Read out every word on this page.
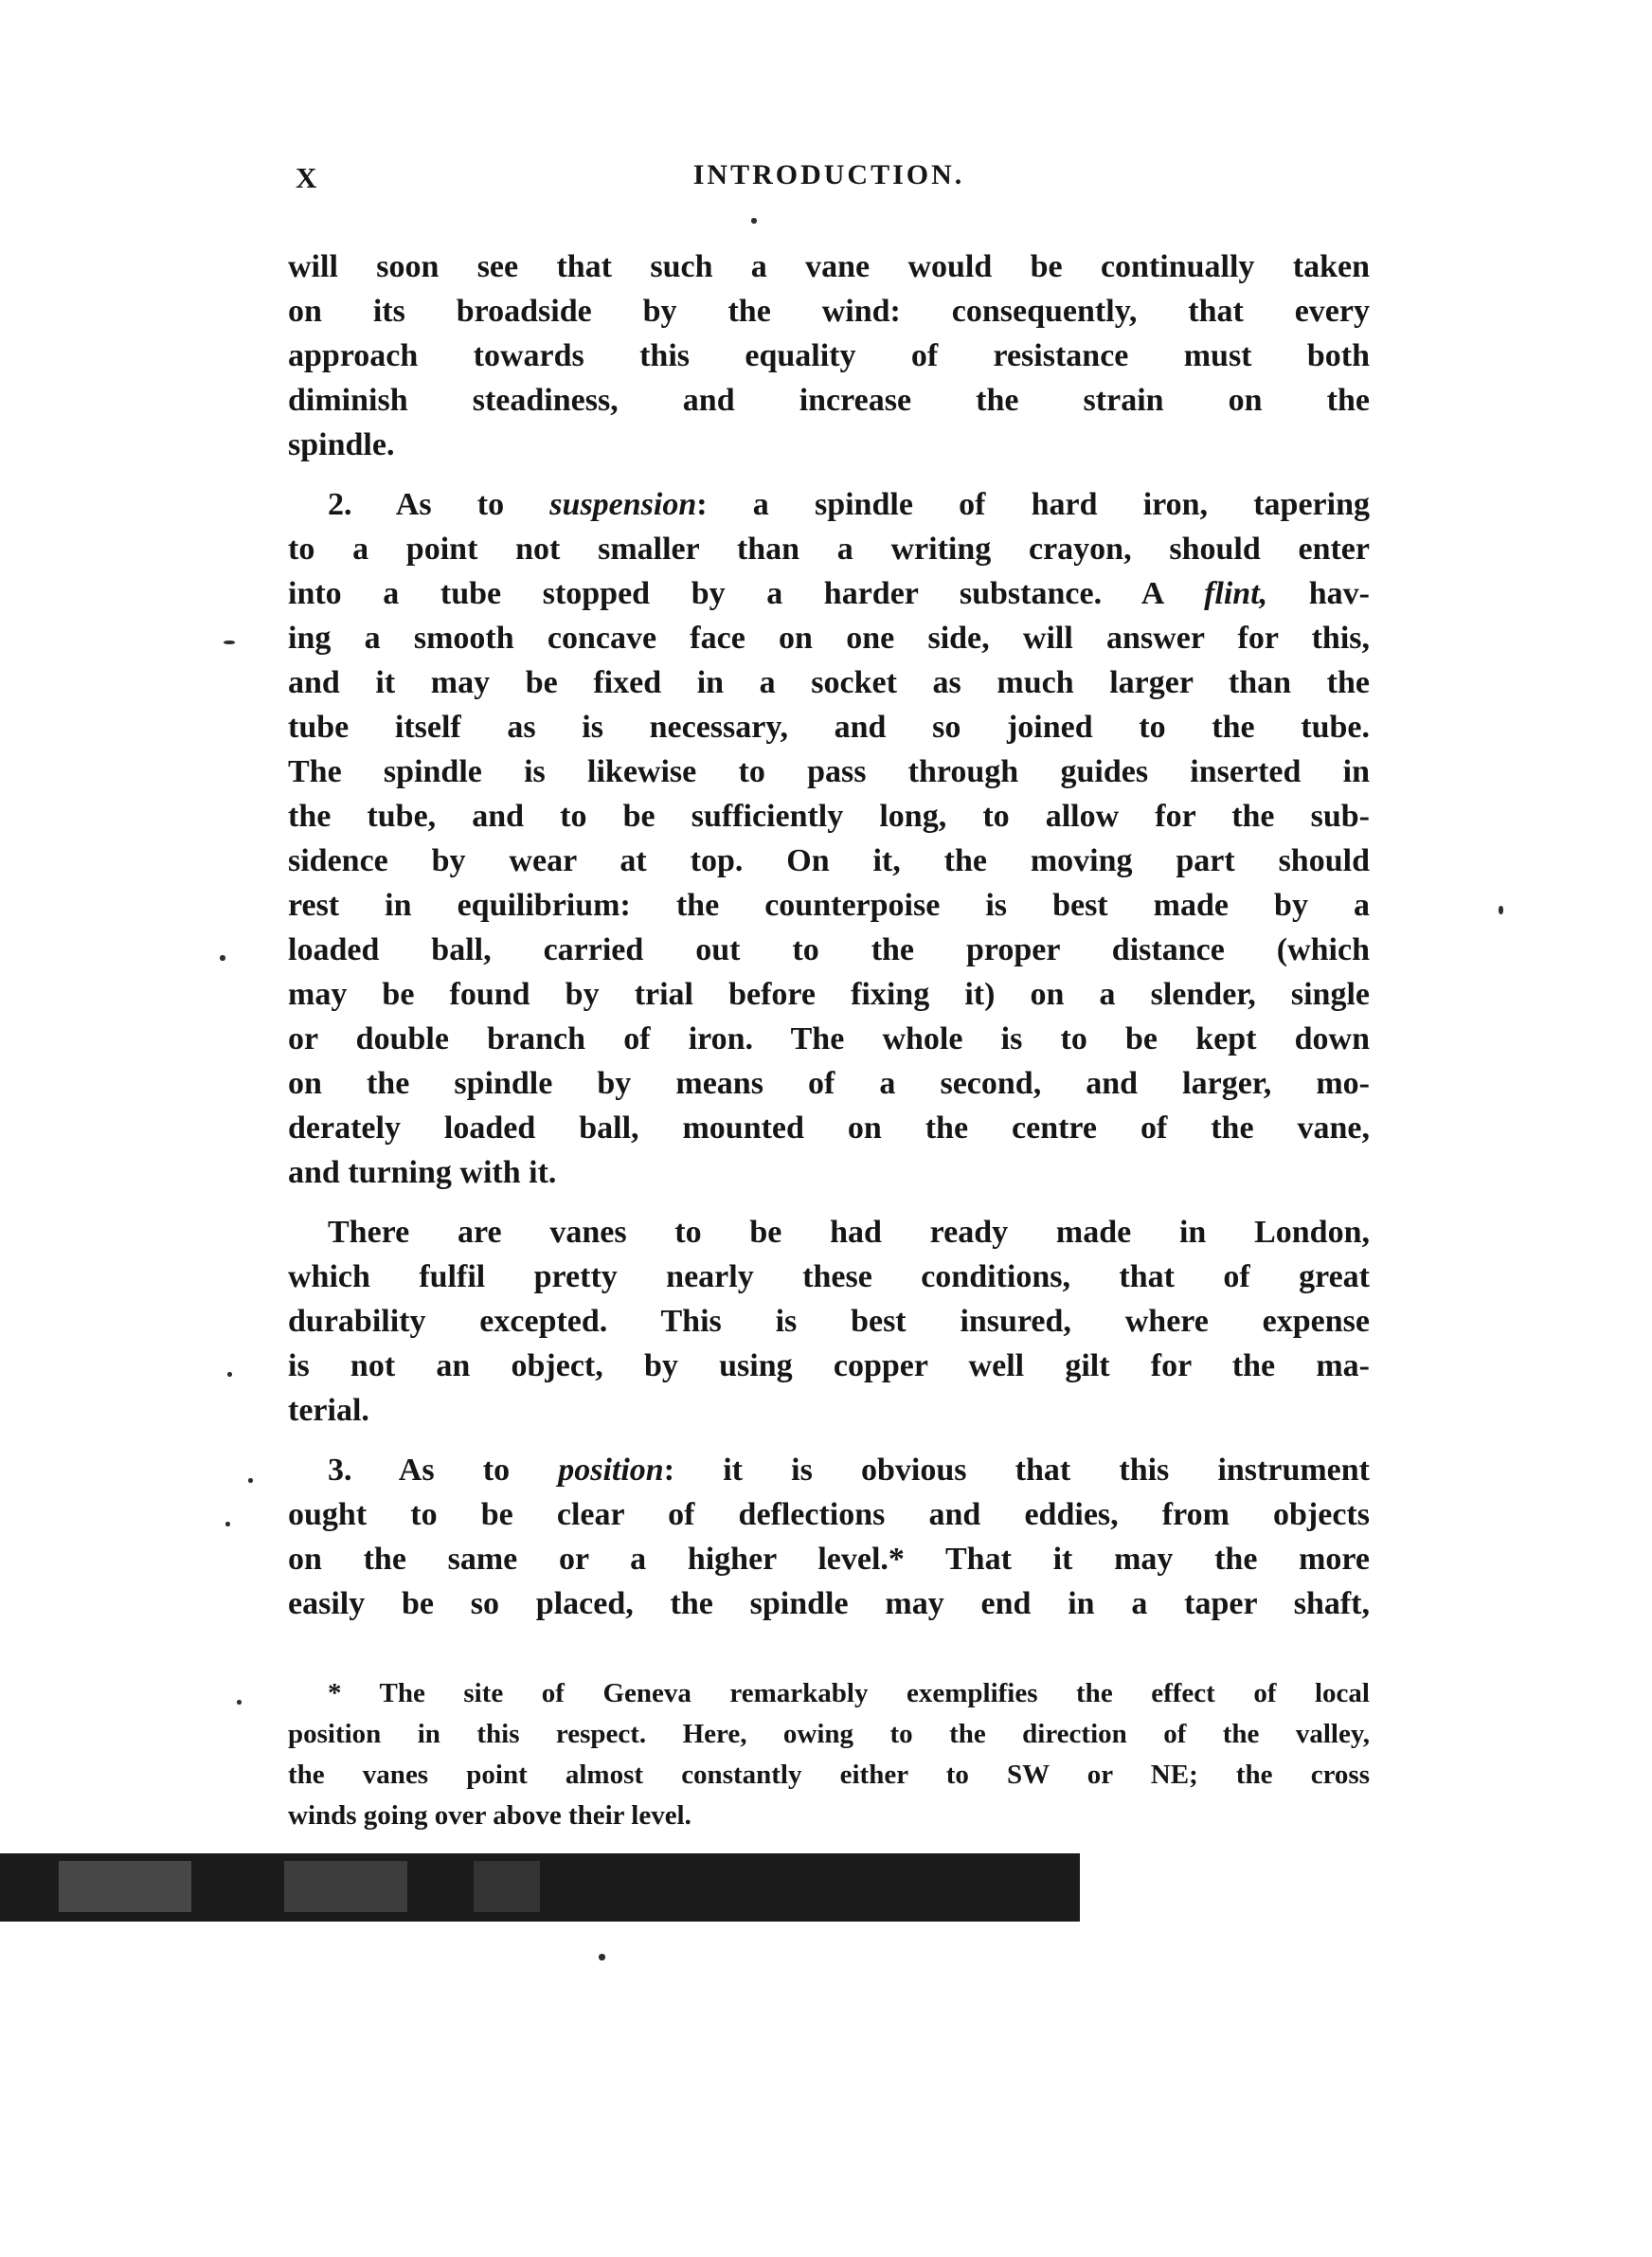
X	INTRODUCTION.
will soon see that such a vane would be continually taken
on its broadside by the wind: consequently, that every
approach towards this equality of resistance must both
diminish steadiness, and increase the strain on the
spindle.
2. As to suspension: a spindle of hard iron, tapering
to a point not smaller than a writing crayon, should enter
into a tube stopped by a harder substance. A flint, hav-
ing a smooth concave face on one side, will answer for this,
and it may be fixed in a socket as much larger than the
tube itself as is necessary, and so joined to the tube.
The spindle is likewise to pass through guides inserted in
the tube, and to be sufficiently long, to allow for the sub-
sidence by wear at top. On it, the moving part should
rest in equilibrium: the counterpoise is best made by a
loaded ball, carried out to the proper distance (which
may be found by trial before fixing it) on a slender, single
or double branch of iron. The whole is to be kept down
on the spindle by means of a second, and larger, mo-
derately loaded ball, mounted on the centre of the vane,
and turning with it.
There are vanes to be had ready made in London,
which fulfil pretty nearly these conditions, that of great
durability excepted. This is best insured, where expense
is not an object, by using copper well gilt for the ma-
terial.
3. As to position: it is obvious that this instrument
ought to be clear of deflections and eddies, from objects
on the same or a higher level.* That it may the more
easily be so placed, the spindle may end in a taper shaft,
* The site of Geneva remarkably exemplifies the effect of local
position in this respect. Here, owing to the direction of the valley,
the vanes point almost constantly either to SW or NE; the cross
winds going over above their level.
